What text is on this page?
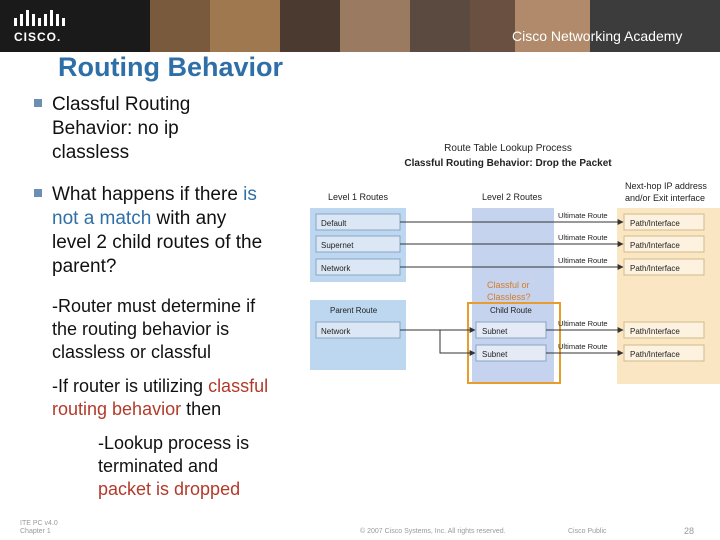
CISCO.	Cisco Networking Academy
Routing Behavior
Classful Routing
Behavior: no ip
classless
What happens if there is
not a match with any
level 2 child routes of the
parent?
-Router must determine if
the routing behavior is
classless or classful
-If router is utilizing classful
routing behavior then
-Lookup process is
terminated and
packet is dropped
Route Table Lookup Process
Classful Routing Behavior: Drop the Packet
Level 1 Routes	Level 2 Routes
Next-hop IP address
and/or Exit interface
Default
Supernet
Network
Parent Route
Network
Classful or
Classless?
Child Route
Subnet
Subnet
Path/Interface
Path/Interface
Path/Interface
Path/Interface
Path/Interface
Ultimate Route
Ultimate Route
Ultimate Route
Ultimate Route
Ultimate Route
ITE PC v4.0
Chapter 1	© 2007 Cisco Systems, Inc. All rights reserved.	Cisco Public	28
